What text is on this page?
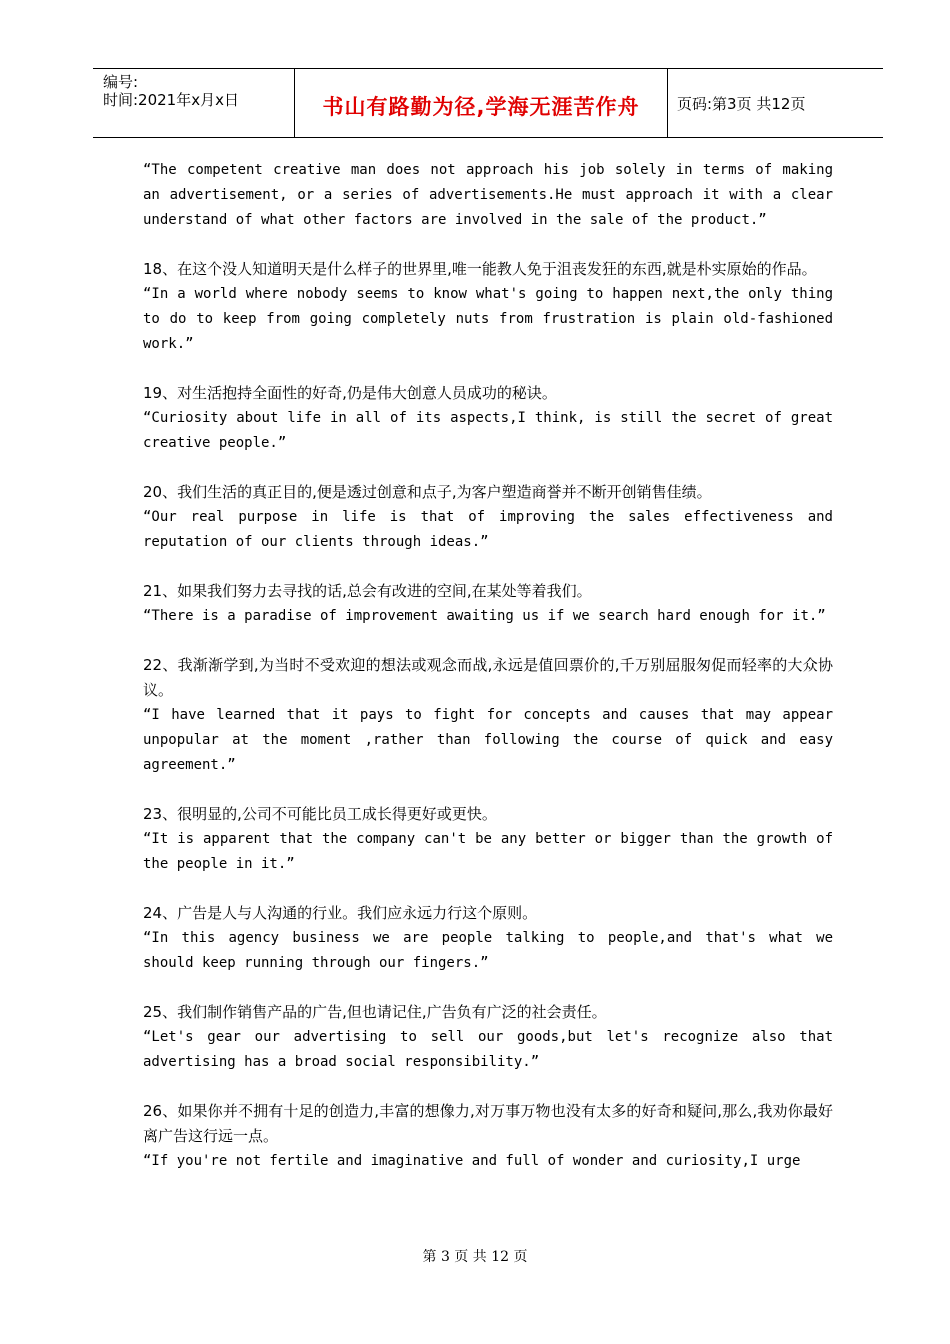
编号:
时间:2021年x月x日	书山有路勤为径,学海无涯苦作舟	页码:第3页 共12页
“The competent creative man does not approach his job solely in terms of making an advertisement, or a series of advertisements.He must approach it with a clear understand of what other factors are involved in the sale of the product.”
18、在这个没人知道明天是什么样子的世界里,唯一能教人免于沮丧发狂的东西,就是朴实原始的作品。
“In a world where nobody seems to know what's going to happen next,the only thing to do to keep from going completely nuts from frustration is plain old-fashioned work.”
19、对生活抱持全面性的好奇,仍是伟大创意人员成功的秘诀。
“Curiosity about life in all of its aspects,I think, is still the secret of great creative people.”
20、我们生活的真正目的,便是透过创意和点子,为客户塑造商誉并不断开创销售佳绩。
“Our real purpose in life is that of improving the sales effectiveness and reputation of our clients through ideas.”
21、如果我们努力去寻找的话,总会有改进的空间,在某处等着我们。
“There is a paradise of improvement awaiting us if we search hard enough for it.”
22、我渐渐学到,为当时不受欢迎的想法或观念而战,永远是值回票价的,千万别屈服匆促而轻率的大众协议。
“I have learned that it pays to fight for concepts and causes that may appear unpopular at the moment ,rather than following the course of quick and easy agreement.”
23、很明显的,公司不可能比员工成长得更好或更快。
“It is apparent that the company can't be any better or bigger than the growth of the people in it.”
24、广告是人与人沟通的行业。我们应永远力行这个原则。
“In this agency business we are people talking to people,and that's what we should keep running through our fingers.”
25、我们制作销售产品的广告,但也请记住,广告负有广泛的社会责任。
“Let's gear our advertising to sell our goods,but let's recognize also that advertising has a broad social responsibility.”
26、如果你并不拥有十足的创造力,丰富的想像力,对万事万物也没有太多的好奇和疑问,那么,我劝你最好离广告这行远一点。
“If you're not fertile and imaginative and full of wonder and curiosity,I urge
第 3 页 共 12 页
